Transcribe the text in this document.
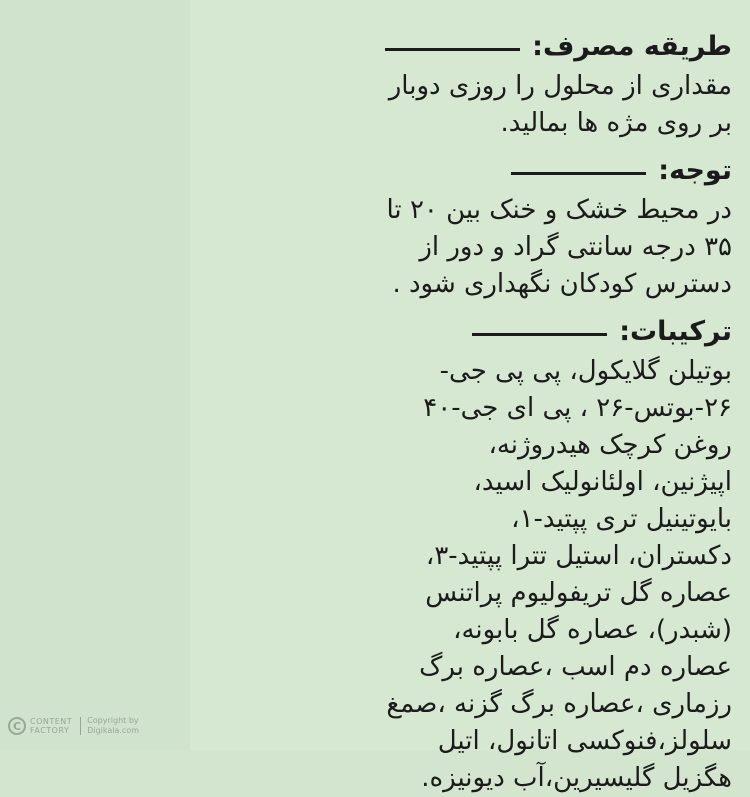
طریقه مصرف:
مقداری از محلول را روزی دوبار
بر روی مژه ها بمالید.
توجه:
در محیط خشک و خنک بین ۲۰ تا
۳۵ درجه سانتی گراد و دور از
دسترس کودکان نگهداری شود .
ترکیبات:
بوتیلن گلایکول، پی پی جی-
۲۶-بوتس-۲۶ ، پی ای جی-۴۰
روغن کرچک هیدروژنه،
اپیژنین، اولئانولیک اسید،
بایوتینیل تری پپتید-۱،
دکستران، استیل تترا پپتید-۳،
عصاره گل تریفولیوم پراتنس
(شبدر)، عصاره گل بابونه،
عصاره دم اسب ،عصاره برگ
رزماری ،عصاره برگ گزنه ،صمغ
سلولز،فنوکسی اتانول، اتیل
هگزیل گلیسیرین،آب دیونیزه.
C	CONTENT
FACTORY
Copyright by
Digikala.com
